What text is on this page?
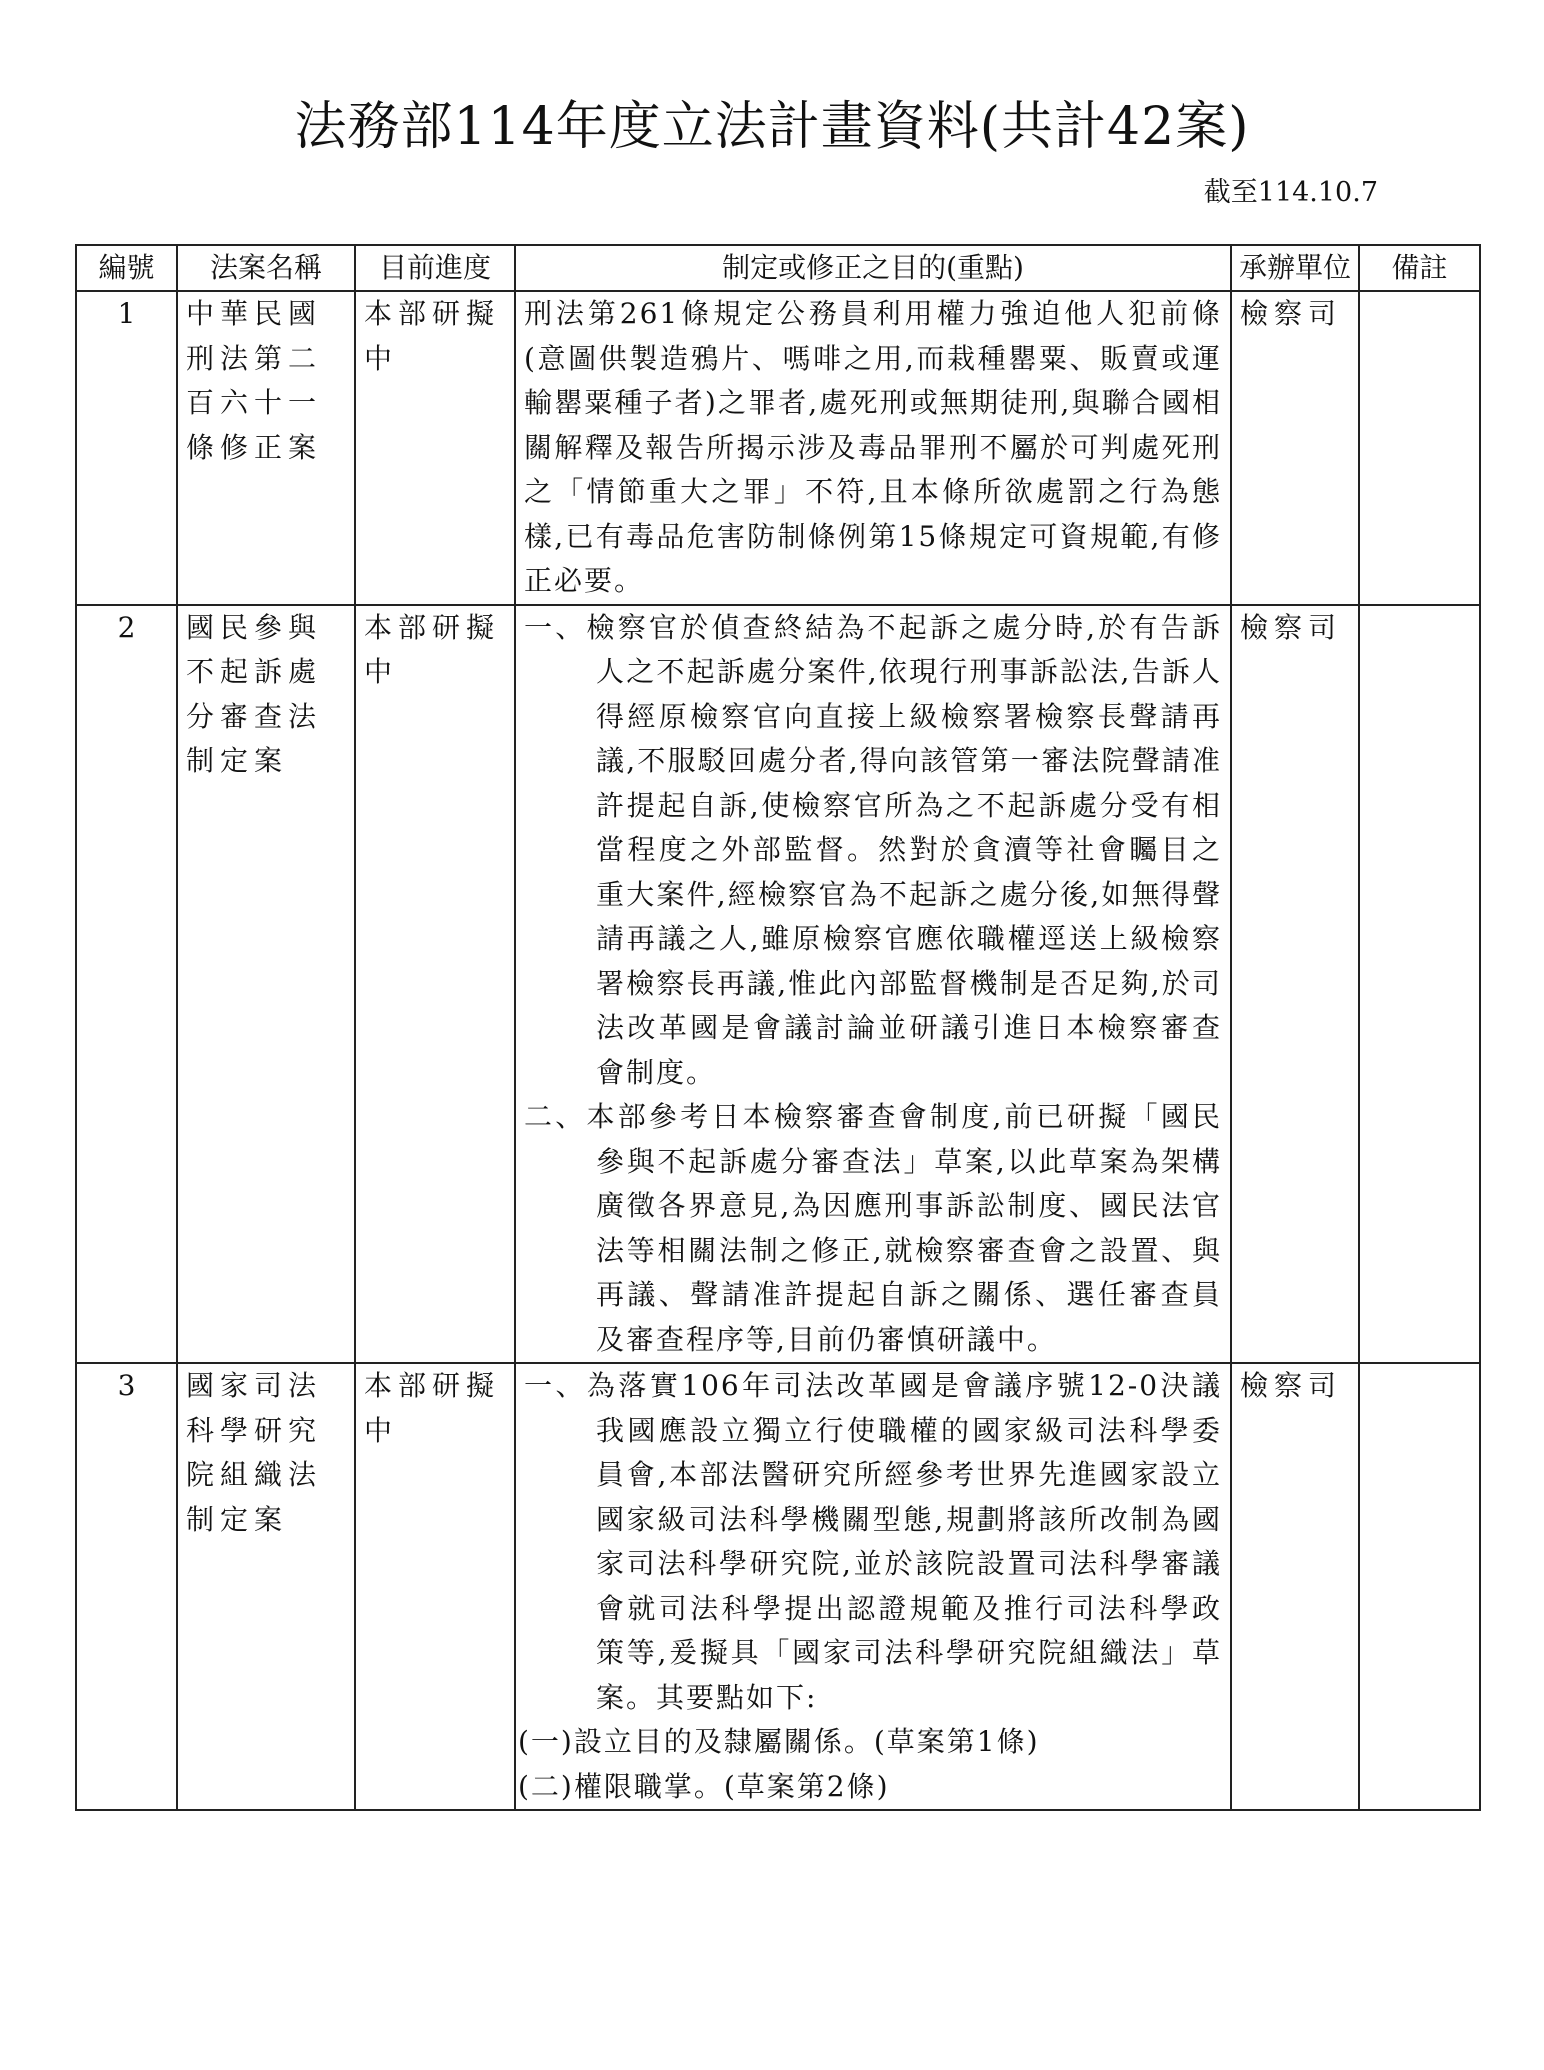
法務部114年度立法計畫資料(共計42案)
截至114.10.7
編號	法案名稱	目前進度	制定或修正之目的(重點)	承辦單位	備註
1	中華民國刑法第二百六十一條修正案	本部研擬中	刑法第261條規定公務員利用權力強迫他人犯前條(意圖供製造鴉片、嗎啡之用,而栽種罌粟、販賣或運輸罌粟種子者)之罪者,處死刑或無期徒刑,與聯合國相關解釋及報告所揭示涉及毒品罪刑不屬於可判處死刑之「情節重大之罪」不符,且本條所欲處罰之行為態樣,已有毒品危害防制條例第15條規定可資規範,有修正必要。	檢察司	
2	國民參與不起訴處分審查法制定案	本部研擬中	一、檢察官於偵查終結為不起訴之處分時,於有告訴人之不起訴處分案件,依現行刑事訴訟法,告訴人得經原檢察官向直接上級檢察署檢察長聲請再議,不服駁回處分者,得向該管第一審法院聲請准許提起自訴,使檢察官所為之不起訴處分受有相當程度之外部監督。然對於貪瀆等社會矚目之重大案件,經檢察官為不起訴之處分後,如無得聲請再議之人,雖原檢察官應依職權逕送上級檢察署檢察長再議,惟此內部監督機制是否足夠,於司法改革國是會議討論並研議引進日本檢察審查會制度。

二、本部參考日本檢察審查會制度,前已研擬「國民參與不起訴處分審查法」草案,以此草案為架構廣徵各界意見,為因應刑事訴訟制度、國民法官法等相關法制之修正,就檢察審查會之設置、與再議、聲請准許提起自訴之關係、選任審查員及審查程序等,目前仍審慎研議中。	檢察司	
3	國家司法科學研究院組織法制定案	本部研擬中	一、為落實106年司法改革國是會議序號12-0決議我國應設立獨立行使職權的國家級司法科學委員會,本部法醫研究所經參考世界先進國家設立國家級司法科學機關型態,規劃將該所改制為國家司法科學研究院,並於該院設置司法科學審議會就司法科學提出認證規範及推行司法科學政策等,爰擬具「國家司法科學研究院組織法」草案。其要點如下:

(一)設立目的及隸屬關係。(草案第1條)

(二)權限職掌。(草案第2條)	檢察司	
